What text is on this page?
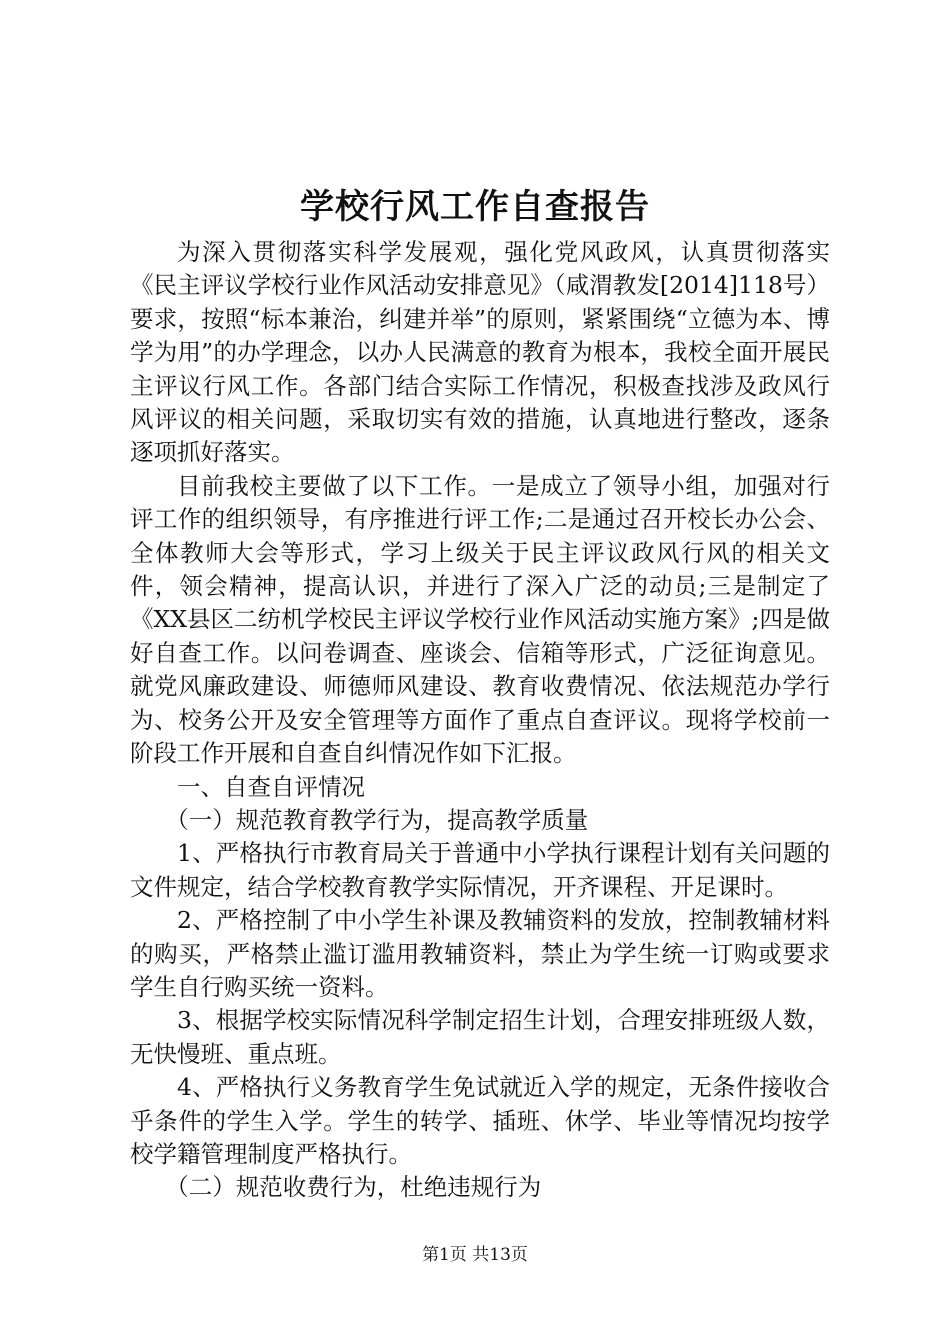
学校行风工作自查报告

为深入贯彻落实科学发展观，强化党风政风，认真贯彻落实《民主评议学校行业作风活动安排意见》（咸渭教发[2014]118号）要求，按照“标本兼治，纠建并举”的原则，紧紧围绕“立德为本、博学为用”的办学理念，以办人民满意的教育为根本，我校全面开展民主评议行风工作。各部门结合实际工作情况，积极查找涉及政风行风评议的相关问题，采取切实有效的措施，认真地进行整改，逐条逐项抓好落实。

目前我校主要做了以下工作。一是成立了领导小组，加强对行评工作的组织领导，有序推进行评工作;二是通过召开校长办公会、全体教师大会等形式，学习上级关于民主评议政风行风的相关文件，领会精神，提高认识，并进行了深入广泛的动员;三是制定了《XX县区二纺机学校民主评议学校行业作风活动实施方案》;四是做好自查工作。以问卷调查、座谈会、信箱等形式，广泛征询意见。就党风廉政建设、师德师风建设、教育收费情况、依法规范办学行为、校务公开及安全管理等方面作了重点自查评议。现将学校前一阶段工作开展和自查自纠情况作如下汇报。

一、自查自评情况

（一）规范教育教学行为，提高教学质量

1、严格执行市教育局关于普通中小学执行课程计划有关问题的文件规定，结合学校教育教学实际情况，开齐课程、开足课时。

2、严格控制了中小学生补课及教辅资料的发放，控制教辅材料的购买，严格禁止滥订滥用教辅资料，禁止为学生统一订购或要求学生自行购买统一资料。

3、根据学校实际情况科学制定招生计划，合理安排班级人数，无快慢班、重点班。

4、严格执行义务教育学生免试就近入学的规定，无条件接收合乎条件的学生入学。学生的转学、插班、休学、毕业等情况均按学校学籍管理制度严格执行。

（二）规范收费行为，杜绝违规行为

第1页 共13页
